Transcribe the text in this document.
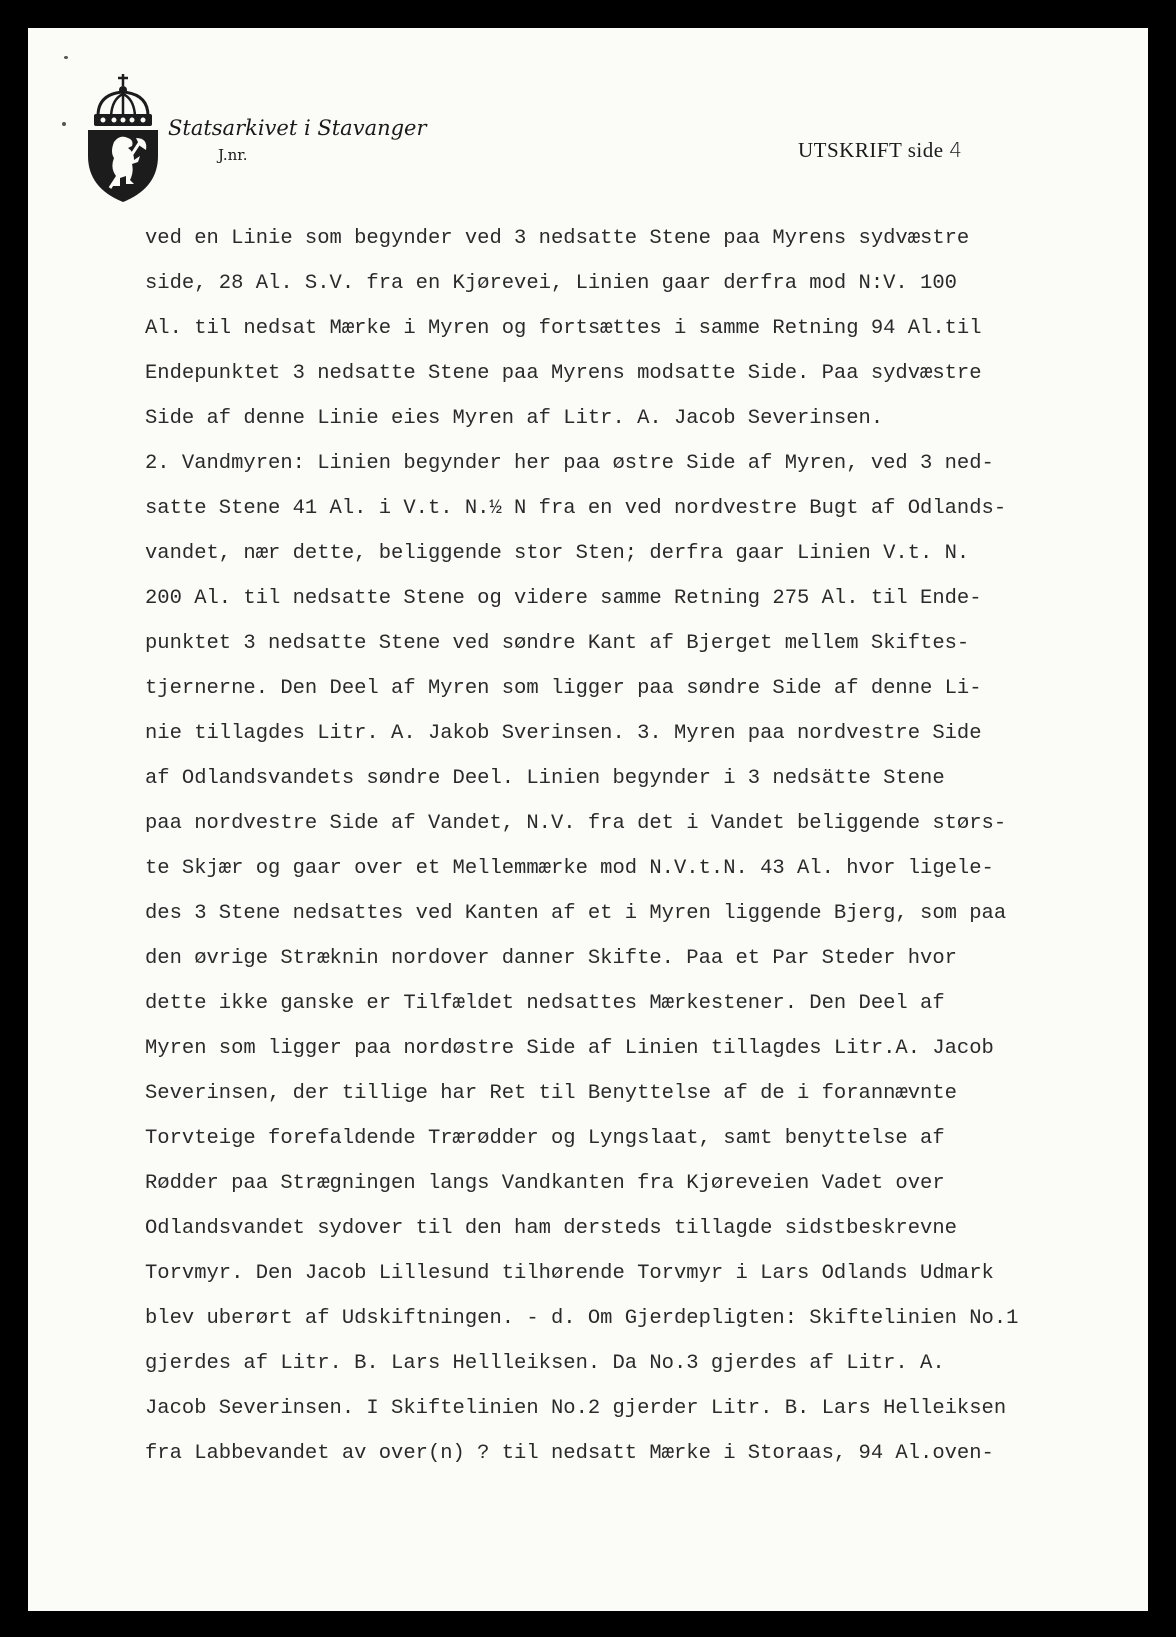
Statsarkivet i Stavanger
J.nr.	UTSKRIFT side 4
ved en Linie som begynder ved 3 nedsatte Stene paa Myrens sydvæstre
side, 28 Al. S.V. fra en Kjørevei, Linien gaar derfra mod N:V. 100
Al. til nedsat Mærke i Myren og fortsættes i samme Retning 94 Al.til
Endepunktet 3 nedsatte Stene paa Myrens modsatte Side. Paa sydvæstre
Side af denne Linie eies Myren af Litr. A. Jacob Severinsen.
2. Vandmyren: Linien begynder her paa østre Side af Myren, ved 3 ned-
satte Stene 41 Al. i V.t. N.½ N fra en ved nordvestre Bugt af Odlands-
vandet, nær dette, beliggende stor Sten; derfra gaar Linien V.t. N.
200 Al. til nedsatte Stene og videre samme Retning 275 Al. til Ende-
punktet 3 nedsatte Stene ved søndre Kant af Bjerget mellem Skiftes-
tjernerne. Den Deel af Myren som ligger paa søndre Side af denne Li-
nie tillagdes Litr. A. Jakob Sverinsen. 3. Myren paa nordvestre Side
af Odlandsvandets søndre Deel. Linien begynder i 3 nedsätte Stene
paa nordvestre Side af Vandet, N.V. fra det i Vandet beliggende størs-
te Skjær og gaar over et Mellemmærke mod N.V.t.N. 43 Al. hvor ligele-
des 3 Stene nedsattes ved Kanten af et i Myren liggende Bjerg, som paa
den øvrige Stræknin nordover danner Skifte. Paa et Par Steder hvor
dette ikke ganske er Tilfældet nedsattes Mærkestener. Den Deel af
Myren som ligger paa nordøstre Side af Linien tillagdes Litr.A. Jacob
Severinsen, der tillige har Ret til Benyttelse af de i forannævnte
Torvteige forefaldende Trærødder og Lyngslaat, samt benyttelse af
Rødder paa Strægningen langs Vandkanten fra Kjøreveien Vadet over
Odlandsvandet sydover til den ham dersteds tillagde sidstbeskrevne
Torvmyr. Den Jacob Lillesund tilhørende Torvmyr i Lars Odlands Udmark
blev uberørt af Udskiftningen. - d. Om Gjerdepligten: Skiftelinien No.1
gjerdes af Litr. B. Lars Hellleiksen. Da No.3 gjerdes af Litr. A.
Jacob Severinsen. I Skiftelinien No.2 gjerder Litr. B. Lars Helleiksen
fra Labbevandet av over(n) ? til nedsatt Mærke i Storaas, 94 Al.oven-
